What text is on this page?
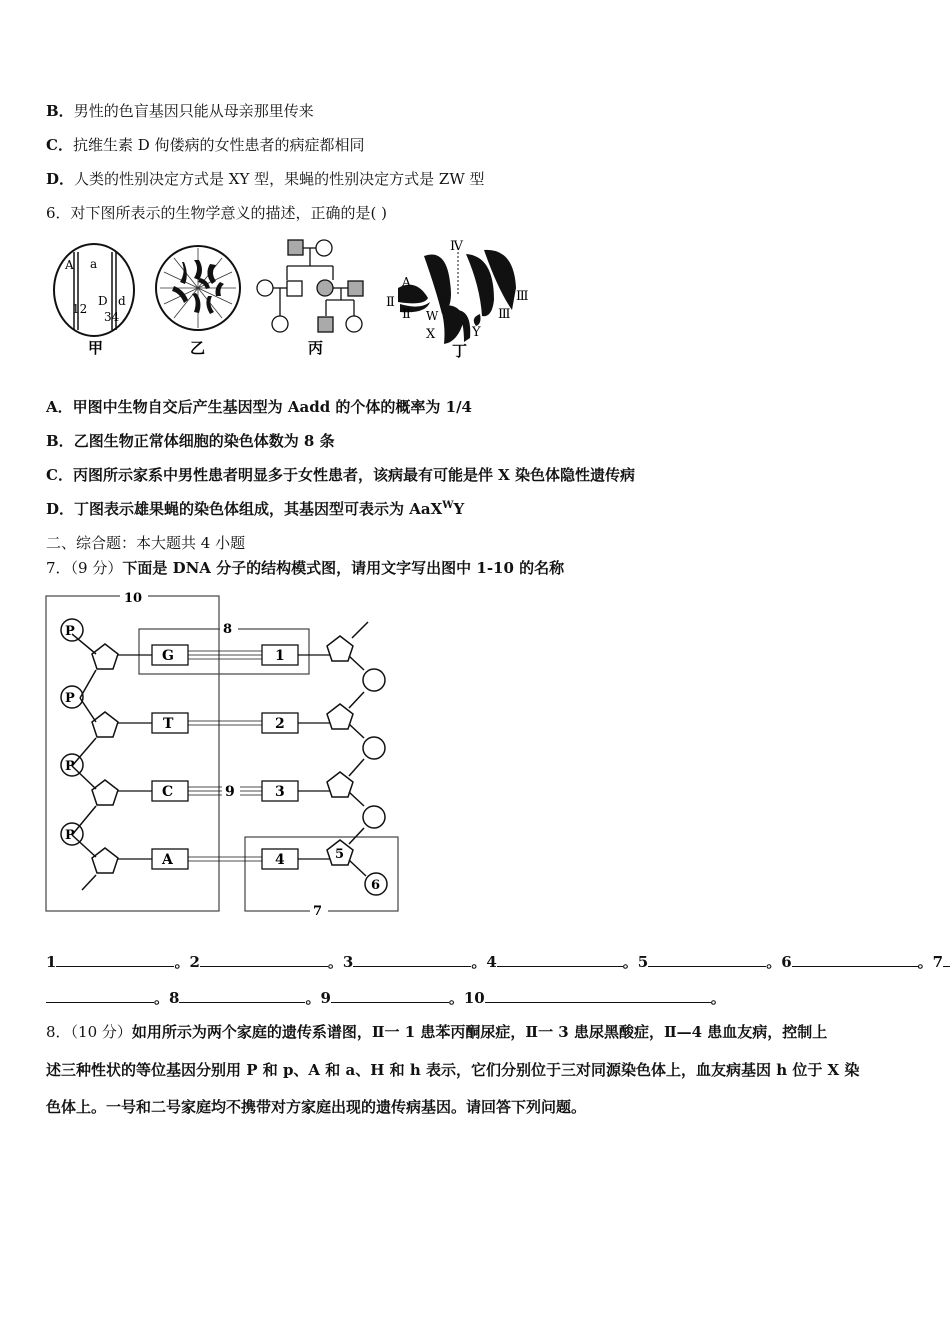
B．男性的色盲基因只能从母亲那里传来
C．抗维生素 D 佝偻病的女性患者的病症都相同
D．人类的性别决定方式是 XY 型，果蝇的性别决定方式是 ZW 型
6．对下图所表示的生物学意义的描述，正确的是( )
A a
12
D d
34
甲	乙	丙
Ⅳ
A
Ⅱ
Ⅱ
a
W
X	Y
Ⅲ
Ⅲ
丁
A．甲图中生物自交后产生基因型为 Aadd 的个体的概率为 1/4
B．乙图生物正常体细胞的染色体数为 8 条
C．丙图所示家系中男性患者明显多于女性患者，该病最有可能是伴 X 染色体隐性遗传病
D．丁图表示雄果蝇的染色体组成，其基因型可表示为 AaX$^W$Y
二、综合题：本大题共 4 小题
7．（9 分）下面是 DNA 分子的结构模式图，请用文字写出图中 1-10 的名称
10
8
7
P
P
P
P
G
T
C
A
1
2
3
4
9
5
6
1	。2	。3	。4	。5	。6	。7
。8	。9	。10	。
8．（10 分）如用所示为两个家庭的遗传系谱图，Ⅱ一 1 患苯丙酮尿症，Ⅱ一 3 患尿黑酸症，Ⅱ—4 患血友病，控制上
述三种性状的等位基因分别用 P 和 p、A 和 a、H 和 h 表示，它们分别位于三对同源染色体上，血友病基因 h 位于 X 染
色体上。一号和二号家庭均不携带对方家庭出现的遗传病基因。请回答下列问题。
